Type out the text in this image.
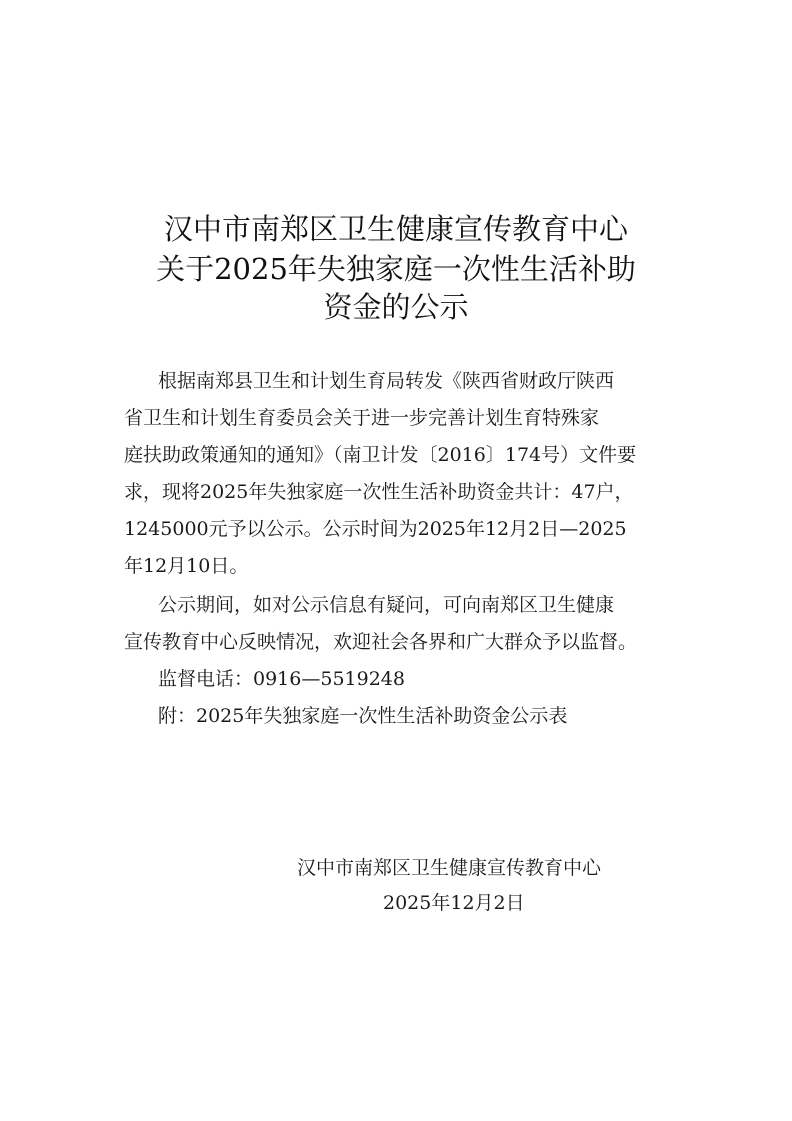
汉中市南郑区卫生健康宣传教育中心
关于2025年失独家庭一次性生活补助
资金的公示
根据南郑县卫生和计划生育局转发《陕西省财政厅陕西
省卫生和计划生育委员会关于进一步完善计划生育特殊家
庭扶助政策通知的通知》（南卫计发〔2016〕174号）文件要
求，现将2025年失独家庭一次性生活补助资金共计：47户，
1245000元予以公示。公示时间为2025年12月2日—2025
年12月10日。
公示期间，如对公示信息有疑问，可向南郑区卫生健康
宣传教育中心反映情况，欢迎社会各界和广大群众予以监督。
监督电话：0916—5519248
附：2025年失独家庭一次性生活补助资金公示表
汉中市南郑区卫生健康宣传教育中心
2025年12月2日
